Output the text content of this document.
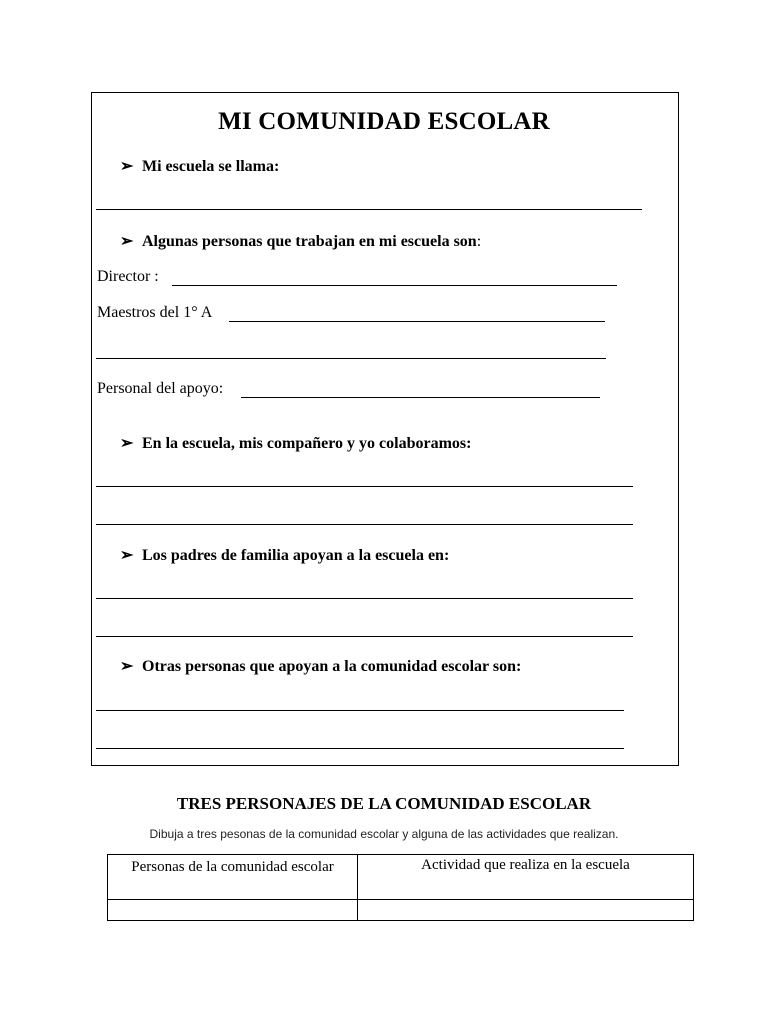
MI COMUNIDAD ESCOLAR
➢ Mi escuela se llama:
➢ Algunas personas que trabajan en mi escuela son:
Director :
Maestros del 1° A
Personal del apoyo:
➢ En la escuela, mis compañero y yo colaboramos:
➢ Los padres de familia apoyan a la escuela en:
➢ Otras personas que apoyan a la comunidad escolar son:
TRES PERSONAJES DE LA COMUNIDAD ESCOLAR
Dibuja a tres pesonas de la comunidad escolar y alguna de las actividades que realizan.
Personas de la comunidad escolar	Actividad que realiza en la escuela
